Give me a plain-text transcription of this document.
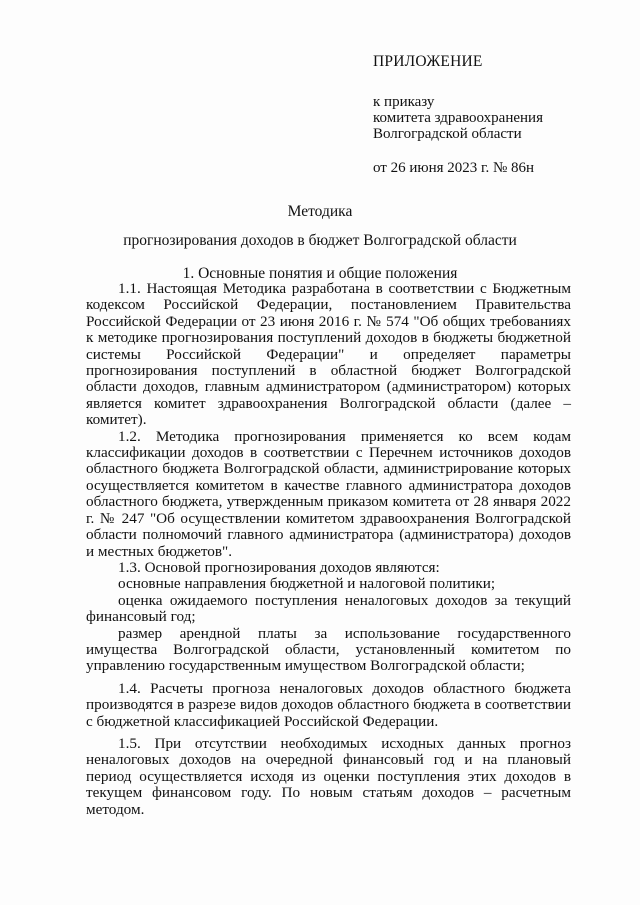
ПРИЛОЖЕНИЕ
к приказу
комитета здравоохранения
Волгоградской области
от 26 июня 2023 г. № 86н
Методика
прогнозирования доходов в бюджет Волгоградской области
1. Основные понятия и общие положения

1.1. Настоящая Методика разработана в соответствии с Бюджетным кодексом Российской Федерации, постановлением Правительства Российской Федерации от 23 июня 2016 г. № 574 "Об общих требованиях к методике прогнозирования поступлений доходов в бюджеты бюджетной системы Российской Федерации" и определяет параметры прогнозирования поступлений в областной бюджет Волгоградской области доходов, главным администратором (администратором) которых является комитет здравоохранения Волгоградской области (далее – комитет).

1.2. Методика прогнозирования применяется ко всем кодам классификации доходов в соответствии с Перечнем источников доходов областного бюджета Волгоградской области, администрирование которых осуществляется комитетом в качестве главного администратора доходов областного бюджета, утвержденным приказом комитета от 28 января 2022 г. № 247 "Об осуществлении комитетом здравоохранения Волгоградской области полномочий главного администратора (администратора) доходов и местных бюджетов".

1.3. Основой прогнозирования доходов являются:

основные направления бюджетной и налоговой политики;

оценка ожидаемого поступления неналоговых доходов за текущий финансовый год;

размер арендной платы за использование государственного имущества Волгоградской области, установленный комитетом по управлению государственным имуществом Волгоградской области;

1.4. Расчеты прогноза неналоговых доходов областного бюджета производятся в разрезе видов доходов областного бюджета в соответствии с бюджетной классификацией Российской Федерации.

1.5. При отсутствии необходимых исходных данных прогноз неналоговых доходов на очередной финансовый год и на плановый период осуществляется исходя из оценки поступления этих доходов в текущем финансовом году. По новым статьям доходов – расчетным методом.
